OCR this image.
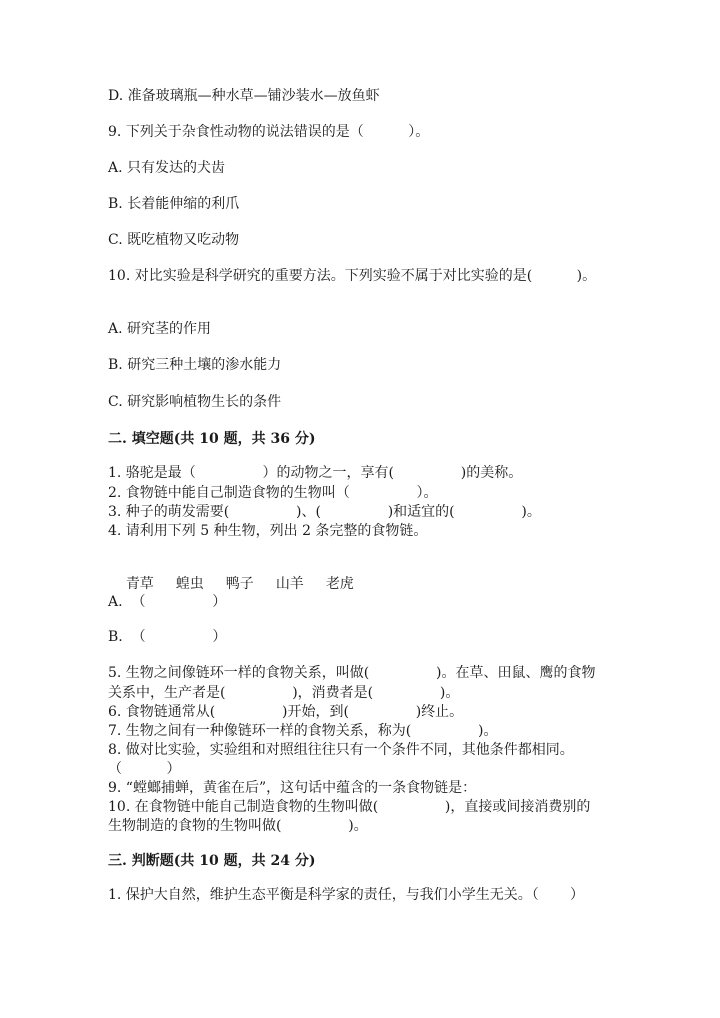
D. 准备玻璃瓶—种水草—铺沙装水—放鱼虾
9. 下列关于杂食性动物的说法错误的是（          ）。
A. 只有发达的犬齿
B. 长着能伸缩的利爪
C. 既吃植物又吃动物
10. 对比实验是科学研究的重要方法。下列实验不属于对比实验的是(          )。
A. 研究茎的作用
B. 研究三种土壤的渗水能力
C. 研究影响植物生长的条件
二. 填空题(共 10 题，共 36 分)
1. 骆驼是最（               ）的动物之一，享有(               )的美称。
2. 食物链中能自己制造食物的生物叫（               ）。
3. 种子的萌发需要(               )、(               )和适宜的(               )。
4. 请利用下列 5 种生物，列出 2 条完整的食物链。

青草 蝗虫 鸭子 山羊 老虎

A.  （               ）
B.  （               ）
5. 生物之间像链环一样的食物关系，叫做(               )。在草、田鼠、鹰的食物
关系中，生产者是(               )，消费者是(               )。
6. 食物链通常从(               )开始，到(               )终止。
7. 生物之间有一种像链环一样的食物关系，称为(               )。
8. 做对比实验，实验组和对照组往往只有一个条件不同，其他条件都相同。
（          ）
9. “螳螂捕蝉，黄雀在后”，这句话中蕴含的一条食物链是：
10. 在食物链中能自己制造食物的生物叫做(               )，直接或间接消费别的
生物制造的食物的生物叫做(               )。
三. 判断题(共 10 题，共 24 分)
1. 保护大自然，维护生态平衡是科学家的责任，与我们小学生无关。（       ）
